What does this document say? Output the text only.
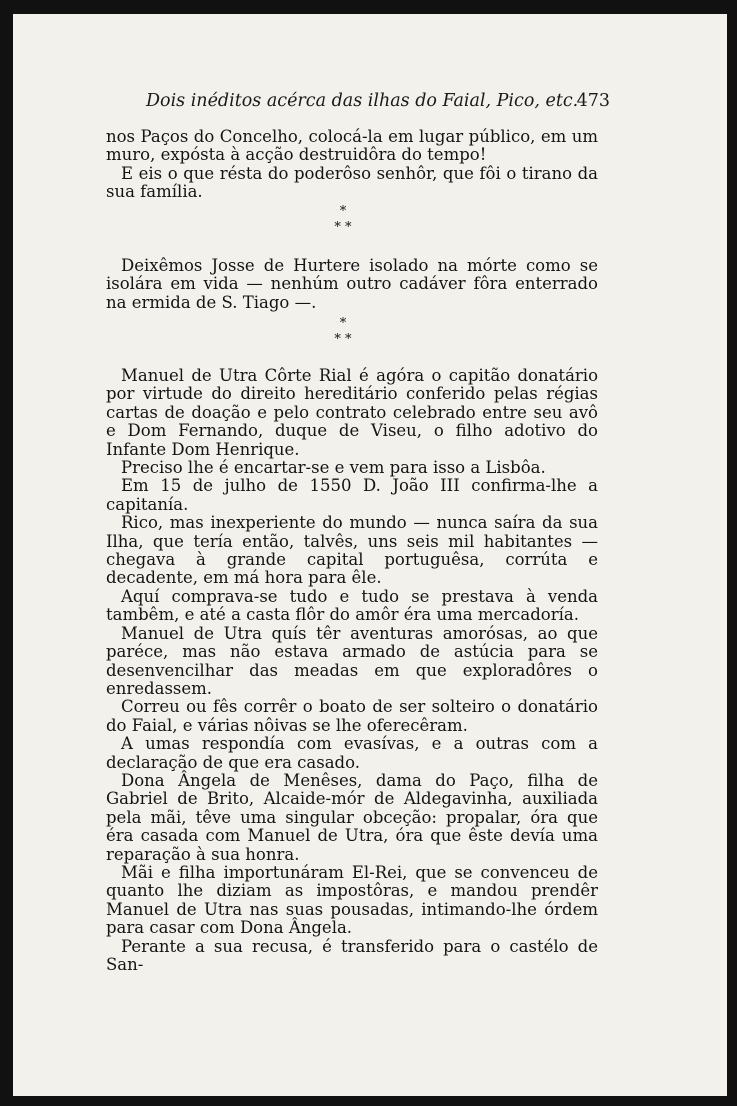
Dois inéditos acérca das ilhas do Faial, Pico, etc.
473

nos Paços do Concelho, colocá-la em lugar público, em um muro, expósta à acção destruidôra do tempo!

E eis o que résta do poderôso senhôr, que fôi o tirano da sua família.

*
* *

Deixêmos Josse de Hurtere isolado na mórte como se isolára em vida — nenhúm outro cadáver fôra enterrado na ermida de S. Tiago —.

*
* *

Manuel de Utra Côrte Rial é agóra o capitão donatário por virtude do direito hereditário conferido pelas régias cartas de doação e pelo contrato celebrado entre seu avô e Dom Fernando, duque de Viseu, o filho adotivo do Infante Dom Henrique.

Preciso lhe é encartar-se e vem para isso a Lisbôa.

Em 15 de julho de 1550 D. João III confirma-lhe a capitanía.

Rico, mas inexperiente do mundo — nunca saíra da sua Ilha, que tería então, talvês, uns seis mil habitantes — chegava à grande capital portuguêsa, corrúta e decadente, em má hora para êle.

Aquí comprava-se tudo e tudo se prestava à venda tambêm, e até a casta flôr do amôr éra uma mercadoría.

Manuel de Utra quís têr aventuras amorósas, ao que paréce, mas não estava armado de astúcia para se desenvencilhar das meadas em que exploradôres o enredassem.

Correu ou fês corrêr o boato de ser solteiro o donatário do Faial, e várias nôivas se lhe oferecêram.

A umas respondía com evasívas, e a outras com a declaração de que era casado.

Dona Ângela de Menêses, dama do Paço, filha de Gabriel de Brito, Alcaide-mór de Aldegavinha, auxiliada pela mãi, têve uma singular obceção: propalar, óra que éra casada com Manuel de Utra, óra que êste devía uma reparação à sua honra.

Mãi e filha importunáram El-Rei, que se convenceu de quanto lhe diziam as impostôras, e mandou prendêr Manuel de Utra nas suas pousadas, intimando-lhe órdem para casar com Dona Ângela.

Perante a sua recusa, é transferido para o castélo de San-
